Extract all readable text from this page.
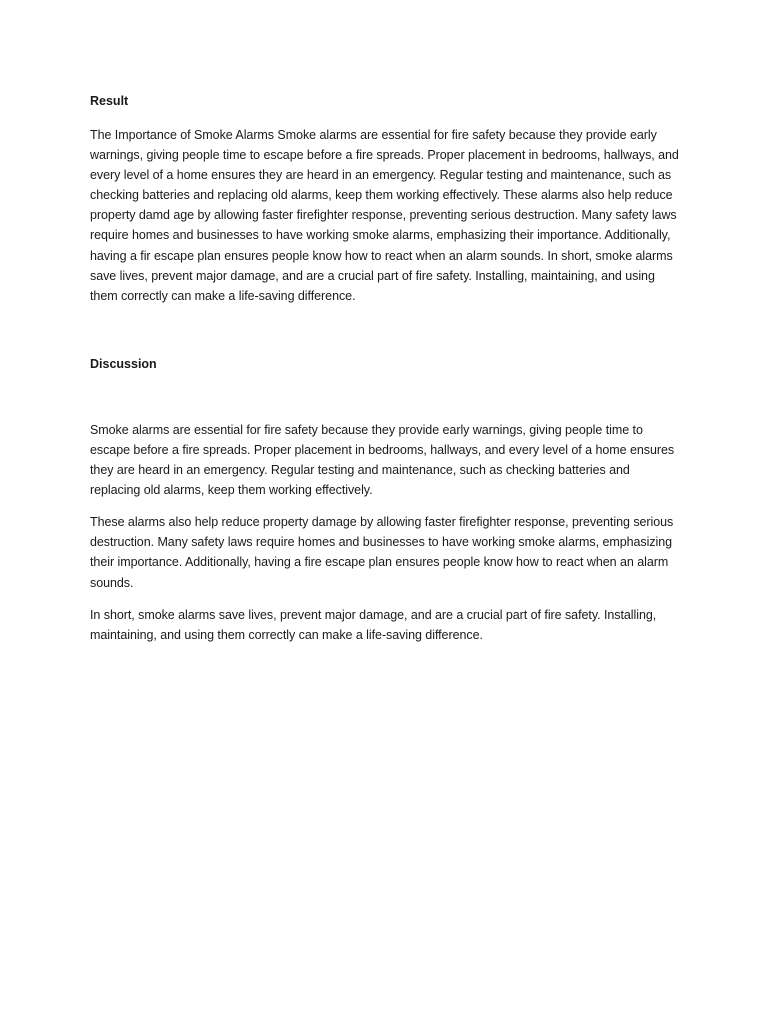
Result

The Importance of Smoke Alarms Smoke alarms are essential for fire safety because they provide early warnings, giving people time to escape before a fire spreads. Proper placement in bedrooms, hallways, and every level of a home ensures they are heard in an emergency. Regular testing and maintenance, such as checking batteries and replacing old alarms, keep them working effectively. These alarms also help reduce property damd age by allowing faster firefighter response, preventing serious destruction. Many safety laws require homes and businesses to have working smoke alarms, emphasizing their importance. Additionally, having a fir escape plan ensures people know how to react when an alarm sounds. In short, smoke alarms save lives, prevent major damage, and are a crucial part of fire safety. Installing, maintaining, and using them correctly can make a life-saving difference.

Discussion

Smoke alarms are essential for fire safety because they provide early warnings, giving people time to escape before a fire spreads. Proper placement in bedrooms, hallways, and every level of a home ensures they are heard in an emergency. Regular testing and maintenance, such as checking batteries and replacing old alarms, keep them working effectively.

These alarms also help reduce property damage by allowing faster firefighter response, preventing serious destruction. Many safety laws require homes and businesses to have working smoke alarms, emphasizing their importance. Additionally, having a fire escape plan ensures people know how to react when an alarm sounds.

In short, smoke alarms save lives, prevent major damage, and are a crucial part of fire safety. Installing, maintaining, and using them correctly can make a life-saving difference.
